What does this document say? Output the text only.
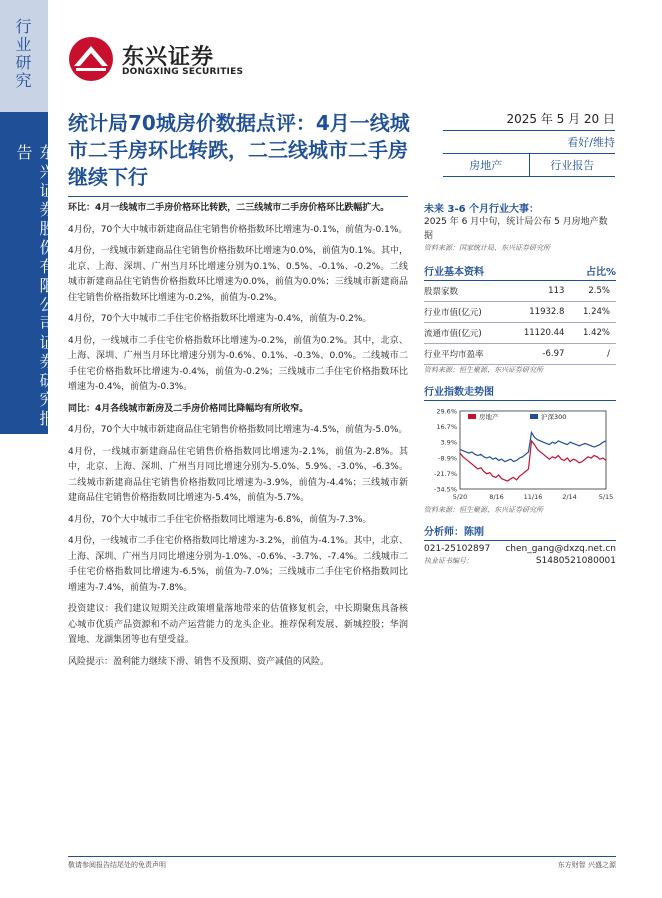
行业研究
东兴证券股份有限公司证券研究报告
东兴证券
DONGXING SECURITIES
统计局70城房价数据点评：4月一线城市二手房环比转跌，二三线城市二手房继续下行
2025 年 5 月 20 日
看好/维持
房地产	行业报告

环比：4月一线城市二手房价格环比转跌，二三线城市二手房价格环比跌幅扩大。

4月份，70个大中城市新建商品住宅销售价格指数环比增速为-0.1%，前值为-0.1%。

4月份，一线城市新建商品住宅销售价格指数环比增速为0.0%，前值为0.1%。其中，北京、上海、深圳、广州当月环比增速分别为0.1%、0.5%、-0.1%、-0.2%。二线城市新建商品住宅销售价格指数环比增速为0.0%，前值为0.0%；三线城市新建商品住宅销售价格指数环比增速为-0.2%，前值为-0.2%。

4月份，70个大中城市二手住宅价格指数环比增速为-0.4%，前值为-0.2%。

4月份，一线城市二手住宅价格指数环比增速为-0.2%，前值为0.2%。其中，北京、上海、深圳、广州当月环比增速分别为-0.6%、0.1%、-0.3%、0.0%。二线城市二手住宅价格指数环比增速为-0.4%，前值为-0.2%；三线城市二手住宅价格指数环比增速为-0.4%，前值为-0.3%。

同比：4月各线城市新房及二手房价格同比降幅均有所收窄。

4月份，70个大中城市新建商品住宅销售价格指数同比增速为-4.5%，前值为-5.0%。

4月份，一线城市新建商品住宅销售价格指数同比增速为-2.1%，前值为-2.8%。其中，北京、上海、深圳、广州当月同比增速分别为-5.0%、5.9%、-3.0%、-6.3%。二线城市新建商品住宅销售价格指数同比增速为-3.9%，前值为-4.4%；三线城市新建商品住宅销售价格指数同比增速为-5.4%，前值为-5.7%。

4月份，70个大中城市二手住宅价格指数同比增速为-6.8%，前值为-7.3%。

4月份，一线城市二手住宅价格指数同比增速为-3.2%，前值为-4.1%。其中，北京、上海、深圳、广州当月同比增速分别为-1.0%、-0.6%、-3.7%、-7.4%。二线城市二手住宅价格指数同比增速为-6.5%，前值为-7.0%；三线城市二手住宅价格指数同比增速为-7.4%，前值为-7.8%。

投资建议：我们建议短期关注政策增量落地带来的估值修复机会，中长期聚焦具备核心城市优质产品资源和不动产运营能力的龙头企业。推荐保利发展、新城控股；华润置地、龙湖集团等也有望受益。

风险提示：盈利能力继续下滑、销售不及预期、资产减值的风险。

未来 3-6 个月行业大事：
2025 年 6 月中旬，统计局公布 5 月房地产数据
资料来源：国家统计局、东兴证券研究所
行业基本资料	占比%
股票家数	113	2.5%
行业市值(亿元)	11932.8	1.24%
流通市值(亿元)	11120.44	1.42%
行业平均市盈率	-6.97	/
资料来源：恒生聚源、东兴证券研究所
行业指数走势图
29.6%
16.7%
3.9%
-8.9%
-21.7%
-34.5%
5/20	8/16	11/16	2/14	5/15
房地产	沪深300
资料来源：恒生聚源、东兴证券研究所
分析师：陈刚
021-25102897 chen_gang@dxzq.net.cn
执业证书编号：	S1480521080001
敬请参阅报告结尾处的免责声明	东方财智 兴盛之源
